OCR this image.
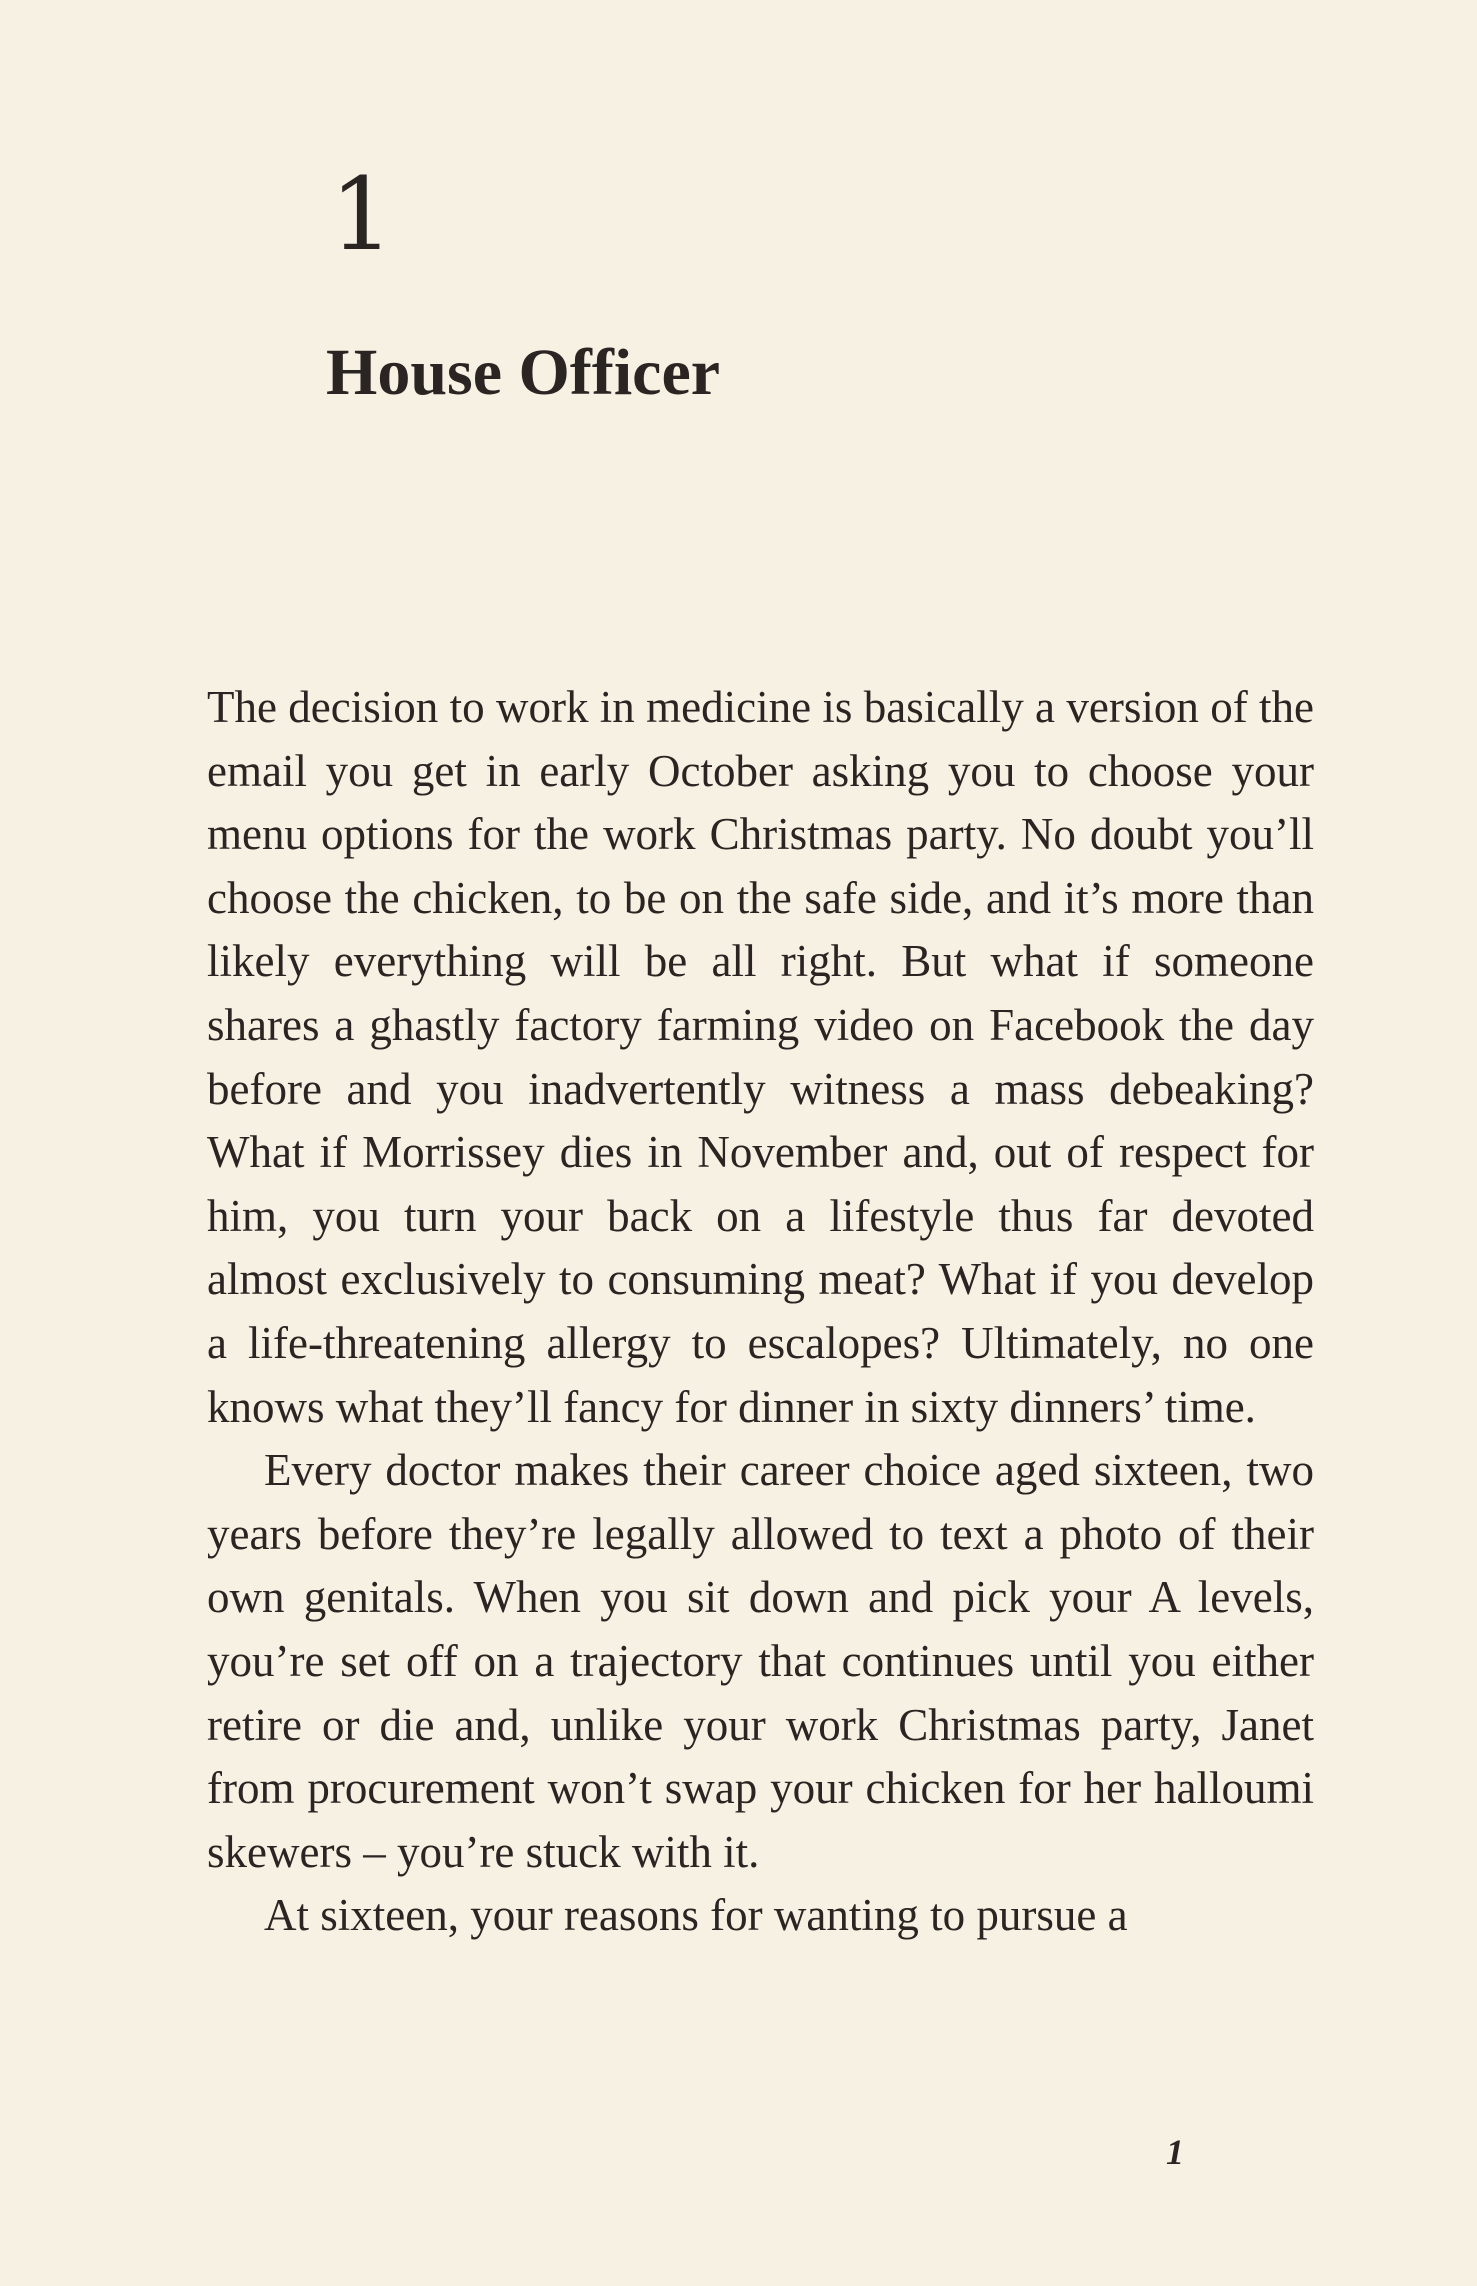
1
House Officer

The decision to work in medicine is basically a version of the email you get in early October asking you to choose your menu options for the work Christmas party. No doubt you’ll choose the chicken, to be on the safe side, and it’s more than likely everything will be all right. But what if someone shares a ghastly factory farming video on Facebook the day before and you inadvertently witness a mass debeaking? What if Morrissey dies in November and, out of respect for him, you turn your back on a lifestyle thus far devoted almost exclusively to consuming meat? What if you develop a life-threatening allergy to escalopes? Ultimately, no one knows what they’ll fancy for dinner in sixty dinners’ time.

Every doctor makes their career choice aged sixteen, two years before they’re legally allowed to text a photo of their own genitals. When you sit down and pick your A levels, you’re set off on a trajectory that continues until you either retire or die and, unlike your work Christmas party, Janet from procurement won’t swap your chicken for her halloumi skewers – you’re stuck with it.

At sixteen, your reasons for wanting to pursue a

1
